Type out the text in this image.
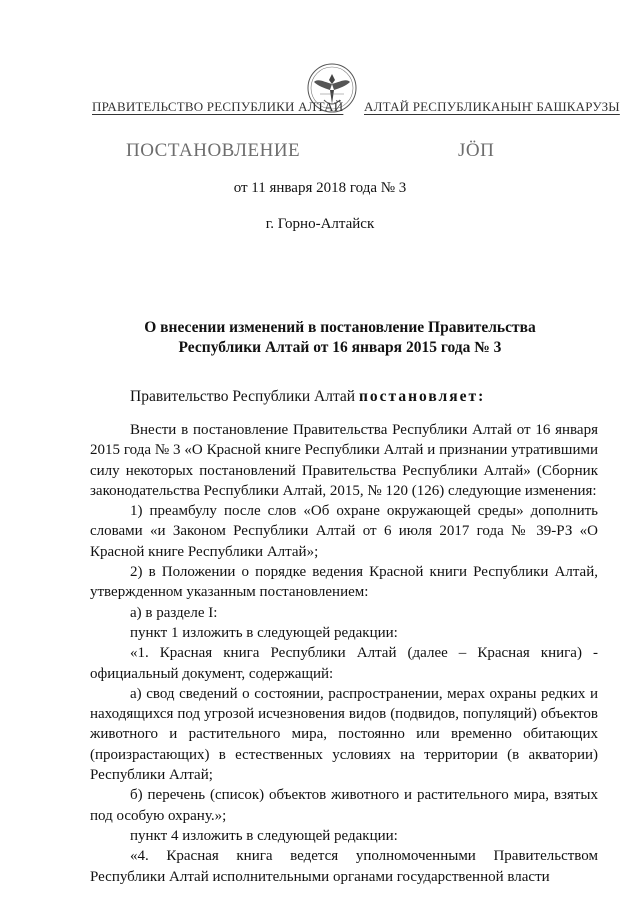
ПРАВИТЕЛЬСТВО РЕСПУБЛИКИ АЛТАЙ АЛТАЙ РЕСПУБЛИКАНЫҤ БАШКАРУЗЫ
ПОСТАНОВЛЕНИЕ	ЈӦП
от 11 января 2018 года № 3
г. Горно-Алтайск
О внесении изменений в постановление Правительства
Республики Алтай от 16 января 2015 года № 3
Правительство Республики Алтай постановляет:

Внести в постановление Правительства Республики Алтай от 16 января 2015 года № 3 «О Красной книге Республики Алтай и признании утратившими силу некоторых постановлений Правительства Республики Алтай» (Сборник законодательства Республики Алтай, 2015, № 120 (126) следующие изменения:

1) преамбулу после слов «Об охране окружающей среды» дополнить словами «и Законом Республики Алтай от 6 июля 2017 года № 39-РЗ «О Красной книге Республики Алтай»;

2) в Положении о порядке ведения Красной книги Республики Алтай, утвержденном указанным постановлением:

а) в разделе I:

пункт 1 изложить в следующей редакции:

«1. Красная книга Республики Алтай (далее – Красная книга) - официальный документ, содержащий:

а) свод сведений о состоянии, распространении, мерах охраны редких и находящихся под угрозой исчезновения видов (подвидов, популяций) объектов животного и растительного мира, постоянно или временно обитающих (произрастающих) в естественных условиях на территории (в акватории) Республики Алтай;

б) перечень (список) объектов животного и растительного мира, взятых под особую охрану.»;

пункт 4 изложить в следующей редакции:

«4. Красная книга ведется уполномоченными Правительством Республики Алтай исполнительными органами государственной власти
